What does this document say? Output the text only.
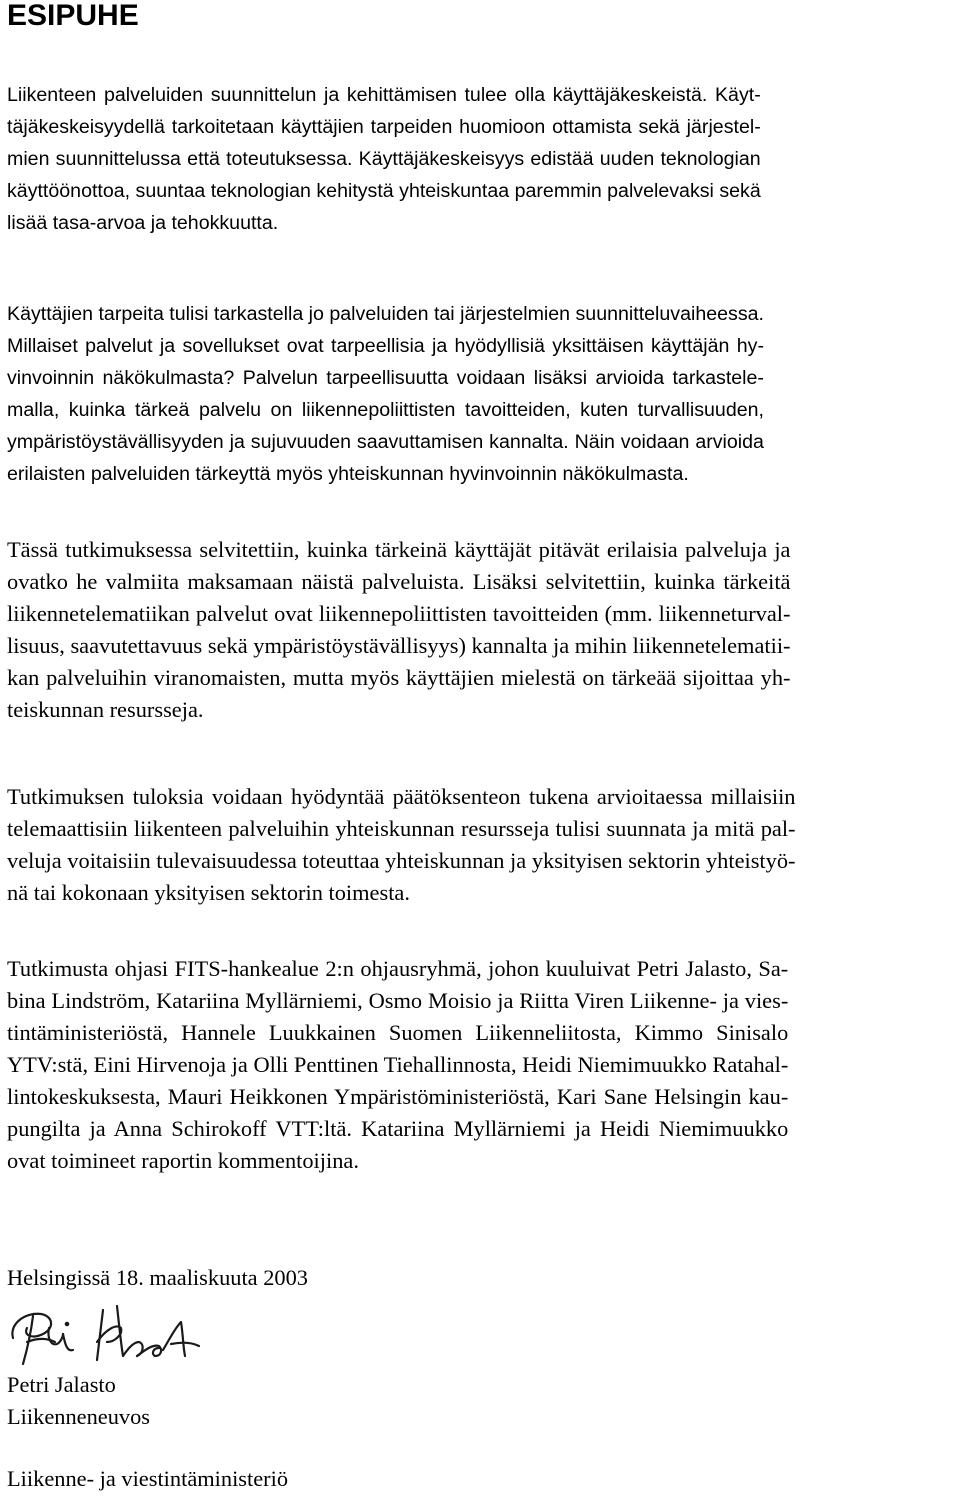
ESIPUHE
Liikenteen palveluiden suunnittelun ja kehittämisen tulee olla käyttäjäkeskeistä. Käyt-
täjäkeskeisyydellä tarkoitetaan käyttäjien tarpeiden huomioon ottamista sekä järjestel-
mien suunnittelussa että toteutuksessa. Käyttäjäkeskeisyys edistää uuden teknologian
käyttöönottoa, suuntaa teknologian kehitystä yhteiskuntaa paremmin palvelevaksi sekä
lisää tasa-arvoa ja tehokkuutta.
Käyttäjien tarpeita tulisi tarkastella jo palveluiden tai järjestelmien suunnitteluvaiheessa.
Millaiset palvelut ja sovellukset ovat tarpeellisia ja hyödyllisiä yksittäisen käyttäjän hy-
vinvoinnin näkökulmasta? Palvelun tarpeellisuutta voidaan lisäksi arvioida tarkastele-
malla, kuinka tärkeä palvelu on liikennepoliittisten tavoitteiden, kuten turvallisuuden,
ympäristöystävällisyyden ja sujuvuuden saavuttamisen kannalta. Näin voidaan arvioida
erilaisten palveluiden tärkeyttä myös yhteiskunnan hyvinvoinnin näkökulmasta.
Tässä tutkimuksessa selvitettiin, kuinka tärkeinä käyttäjät pitävät erilaisia palveluja ja
ovatko he valmiita maksamaan näistä palveluista. Lisäksi selvitettiin, kuinka tärkeitä
liikennetelematiikan palvelut ovat liikennepoliittisten tavoitteiden (mm. liikenneturval-
lisuus, saavutettavuus sekä ympäristöystävällisyys) kannalta ja mihin liikennetelematii-
kan palveluihin viranomaisten, mutta myös käyttäjien mielestä on tärkeää sijoittaa yh-
teiskunnan resursseja.
Tutkimuksen tuloksia voidaan hyödyntää päätöksenteon tukena arvioitaessa millaisiin
telemaattisiin liikenteen palveluihin yhteiskunnan resursseja tulisi suunnata ja mitä pal-
veluja voitaisiin tulevaisuudessa toteuttaa yhteiskunnan ja yksityisen sektorin yhteistyö-
nä tai kokonaan yksityisen sektorin toimesta.
Tutkimusta ohjasi FITS-hankealue 2:n ohjausryhmä, johon kuuluivat Petri Jalasto, Sa-
bina Lindström, Katariina Myllärniemi, Osmo Moisio ja Riitta Viren Liikenne- ja vies-
tintäministeriöstä, Hannele Luukkainen Suomen Liikenneliitosta, Kimmo Sinisalo
YTV:stä, Eini Hirvenoja ja Olli Penttinen Tiehallinnosta, Heidi Niemimuukko Ratahal-
lintokeskuksesta, Mauri Heikkonen Ympäristöministeriöstä, Kari Sane Helsingin kau-
pungilta ja Anna Schirokoff VTT:ltä. Katariina Myllärniemi ja Heidi Niemimuukko
ovat toimineet raportin kommentoijina.
Helsingissä 18. maaliskuuta 2003
Petri Jalasto
Liikenneneuvos
Liikenne- ja viestintäministeriö
